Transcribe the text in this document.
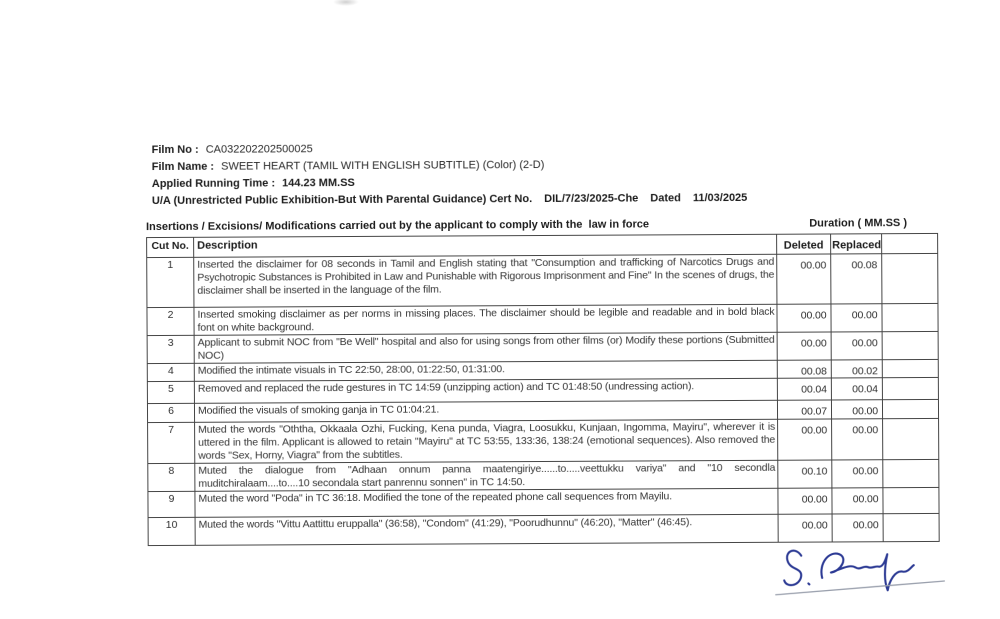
Film No : CA032202202500025
Film Name : SWEET HEART (TAMIL WITH ENGLISH SUBTITLE) (Color) (2-D)
Applied Running Time : 144.23 MM.SS
U/A (Unrestricted Public Exhibition-But With Parental Guidance) Cert No. DIL/7/23/2025-Che Dated 11/03/2025
Insertions / Excisions/ Modifications carried out by the applicant to comply with the  law in force	Duration ( MM.SS )
Cut No.	Description	Deleted	Replaced	
1	Inserted the disclaimer for 08 seconds in Tamil and English stating that "Consumption and trafficking of Narcotics Drugs and Psychotropic Substances is Prohibited in Law and Punishable with Rigorous Imprisonment and Fine" In the scenes of drugs, the disclaimer shall be inserted in the language of the film.	00.00	00.08	
2	Inserted smoking disclaimer as per norms in missing places. The disclaimer should be legible and readable and in bold black font on white background.	00.00	00.00	
3	Applicant to submit NOC from "Be Well" hospital and also for using songs from other films (or) Modify these portions (Submitted NOC)	00.00	00.00	
4	Modified the intimate visuals in TC 22:50, 28:00, 01:22:50, 01:31:00.	00.08	00.02	
5	Removed and replaced the rude gestures in TC 14:59 (unzipping action) and TC 01:48:50 (undressing action).	00.04	00.04	
6	Modified the visuals of smoking ganja in TC 01:04:21.	00.07	00.00	
7	Muted the words "Oththa, Okkaala Ozhi, Fucking, Kena punda, Viagra, Loosukku, Kunjaan, Ingomma, Mayiru", wherever it is uttered in the film. Applicant is allowed to retain "Mayiru" at TC 53:55, 133:36, 138:24 (emotional sequences). Also removed the words "Sex, Horny, Viagra" from the subtitles.	00.00	00.00	
8	Muted the dialogue from "Adhaan onnum panna maatengiriye......to.....veettukku variya" and "10 secondla muditchiralaam....to....10 secondala start panrennu sonnen" in TC 14:50.	00.10	00.00	
9	Muted the word "Poda" in TC 36:18. Modified the tone of the repeated phone call sequences from Mayilu.	00.00	00.00	
10	Muted the words "Vittu Aattittu eruppalla" (36:58), "Condom" (41:29), "Poorudhunnu" (46:20), "Matter" (46:45).	00.00	00.00	
